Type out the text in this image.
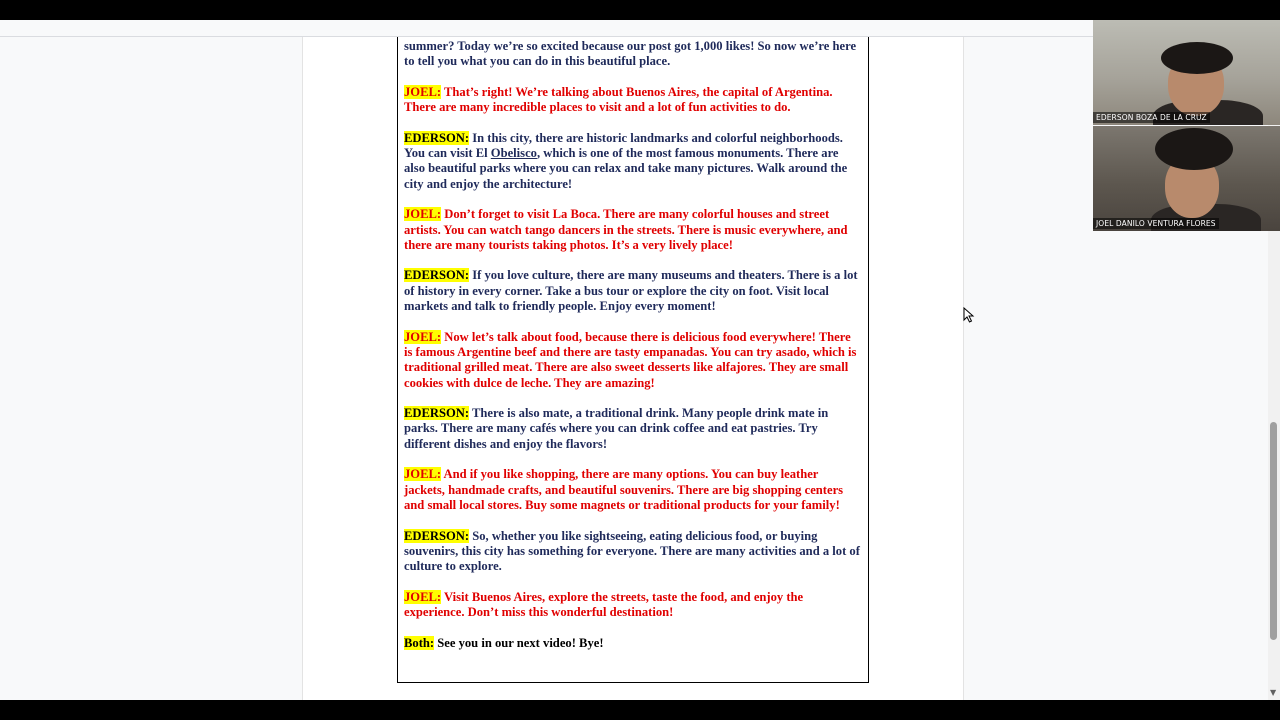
summer? Today we’re so excited because our post got 1,000 likes! So now we’re here to tell you what you can do in this beautiful place.
JOEL: That’s right! We’re talking about Buenos Aires, the capital of Argentina. There are many incredible places to visit and a lot of fun activities to do.
EDERSON: In this city, there are historic landmarks and colorful neighborhoods. You can visit El Obelisco, which is one of the most famous monuments. There are also beautiful parks where you can relax and take many pictures. Walk around the city and enjoy the architecture!
JOEL: Don’t forget to visit La Boca. There are many colorful houses and street artists. You can watch tango dancers in the streets. There is music everywhere, and there are many tourists taking photos. It’s a very lively place!
EDERSON: If you love culture, there are many museums and theaters. There is a lot of history in every corner. Take a bus tour or explore the city on foot. Visit local markets and talk to friendly people. Enjoy every moment!
JOEL: Now let’s talk about food, because there is delicious food everywhere! There is famous Argentine beef and there are tasty empanadas. You can try asado, which is traditional grilled meat. There are also sweet desserts like alfajores. They are small cookies with dulce de leche. They are amazing!
EDERSON: There is also mate, a traditional drink. Many people drink mate in parks. There are many cafés where you can drink coffee and eat pastries. Try different dishes and enjoy the flavors!
JOEL: And if you like shopping, there are many options. You can buy leather jackets, handmade crafts, and beautiful souvenirs. There are big shopping centers and small local stores. Buy some magnets or traditional products for your family!
EDERSON: So, whether you like sightseeing, eating delicious food, or buying souvenirs, this city has something for everyone. There are many activities and a lot of culture to explore.
JOEL: Visit Buenos Aires, explore the streets, taste the food, and enjoy the experience. Don’t miss this wonderful destination!
Both: See you in our next video! Bye!
▼
EDERSON BOZA DE LA CRUZ
JOEL DANILO VENTURA FLORES
